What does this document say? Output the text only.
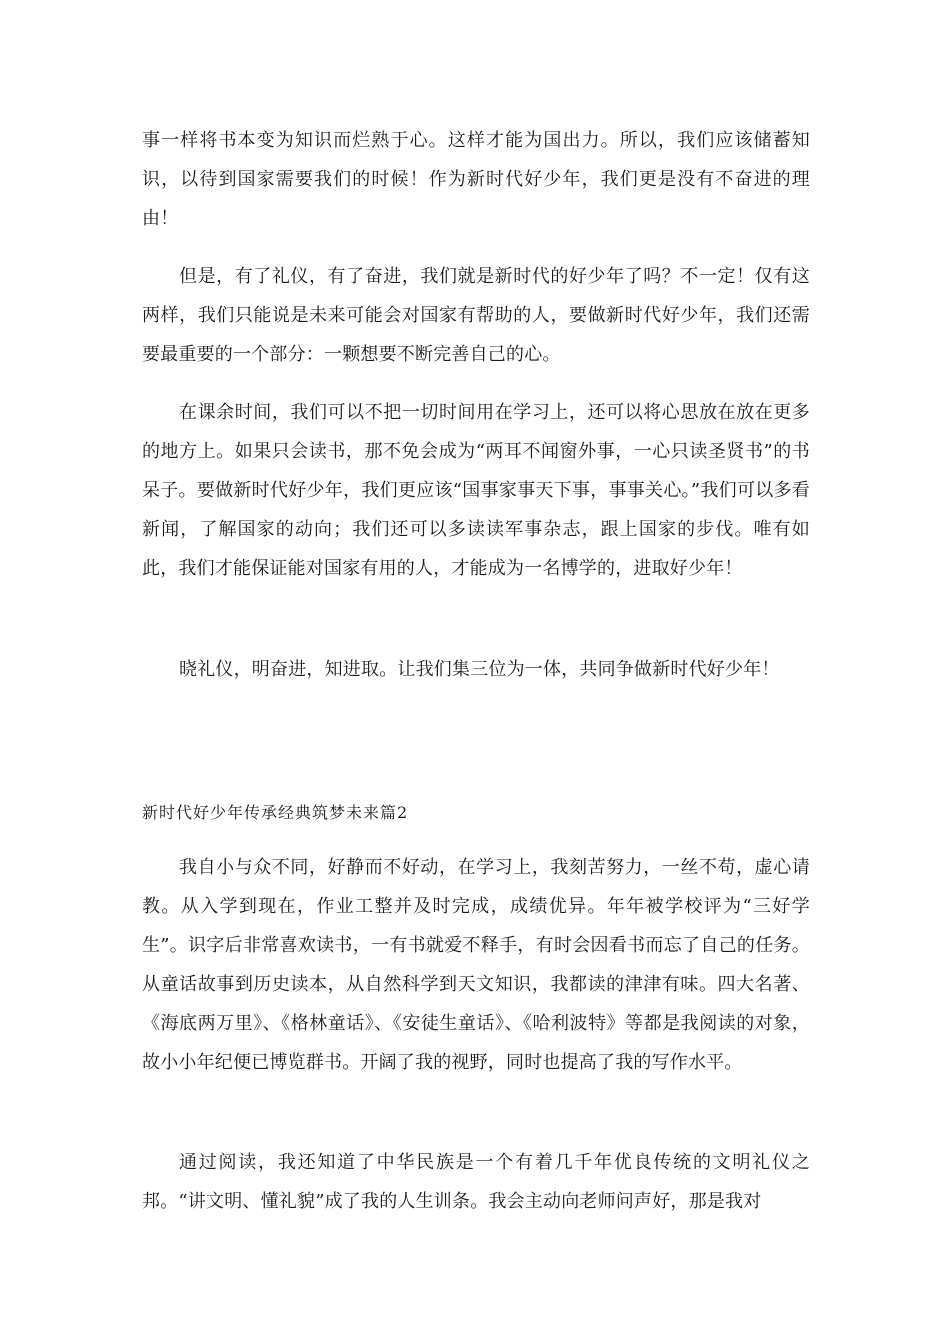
事一样将书本变为知识而烂熟于心。这样才能为国出力。所以，我们应该储蓄知识，以待到国家需要我们的时候！作为新时代好少年，我们更是没有不奋进的理由！

但是，有了礼仪，有了奋进，我们就是新时代的好少年了吗？不一定！仅有这两样，我们只能说是未来可能会对国家有帮助的人，要做新时代好少年，我们还需要最重要的一个部分：一颗想要不断完善自己的心。

在课余时间，我们可以不把一切时间用在学习上，还可以将心思放在放在更多的地方上。如果只会读书，那不免会成为“两耳不闻窗外事，一心只读圣贤书”的书呆子。要做新时代好少年，我们更应该“国事家事天下事，事事关心。”我们可以多看新闻，了解国家的动向；我们还可以多读读军事杂志，跟上国家的步伐。唯有如此，我们才能保证能对国家有用的人，才能成为一名博学的，进取好少年！

晓礼仪，明奋进，知进取。让我们集三位为一体，共同争做新时代好少年！

新时代好少年传承经典筑梦未来篇2

我自小与众不同，好静而不好动，在学习上，我刻苦努力，一丝不苟，虚心请教。从入学到现在，作业工整并及时完成，成绩优异。年年被学校评为“三好学生”。识字后非常喜欢读书，一有书就爱不释手，有时会因看书而忘了自己的任务。从童话故事到历史读本，从自然科学到天文知识，我都读的津津有味。四大名著、《海底两万里》、《格林童话》、《安徒生童话》、《哈利波特》等都是我阅读的对象，故小小年纪便已博览群书。开阔了我的视野，同时也提高了我的写作水平。

通过阅读，我还知道了中华民族是一个有着几千年优良传统的文明礼仪之邦。“讲文明、懂礼貌”成了我的人生训条。我会主动向老师问声好，那是我对
